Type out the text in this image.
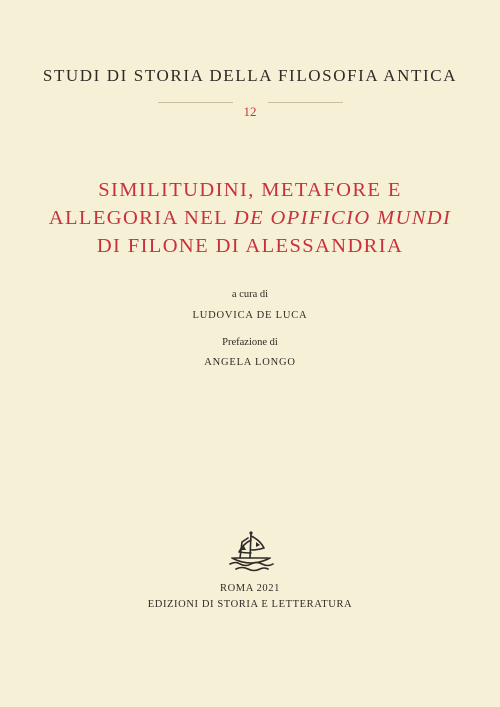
STUDI DI STORIA DELLA FILOSOFIA ANTICA
12
SIMILITUDINI, METAFORE E
ALLEGORIA NEL DE OPIFICIO MUNDI
DI FILONE DI ALESSANDRIA
a cura di
LUDOVICA DE LUCA
Prefazione di
ANGELA LONGO
ROMA 2021
EDIZIONI DI STORIA E LETTERATURA
